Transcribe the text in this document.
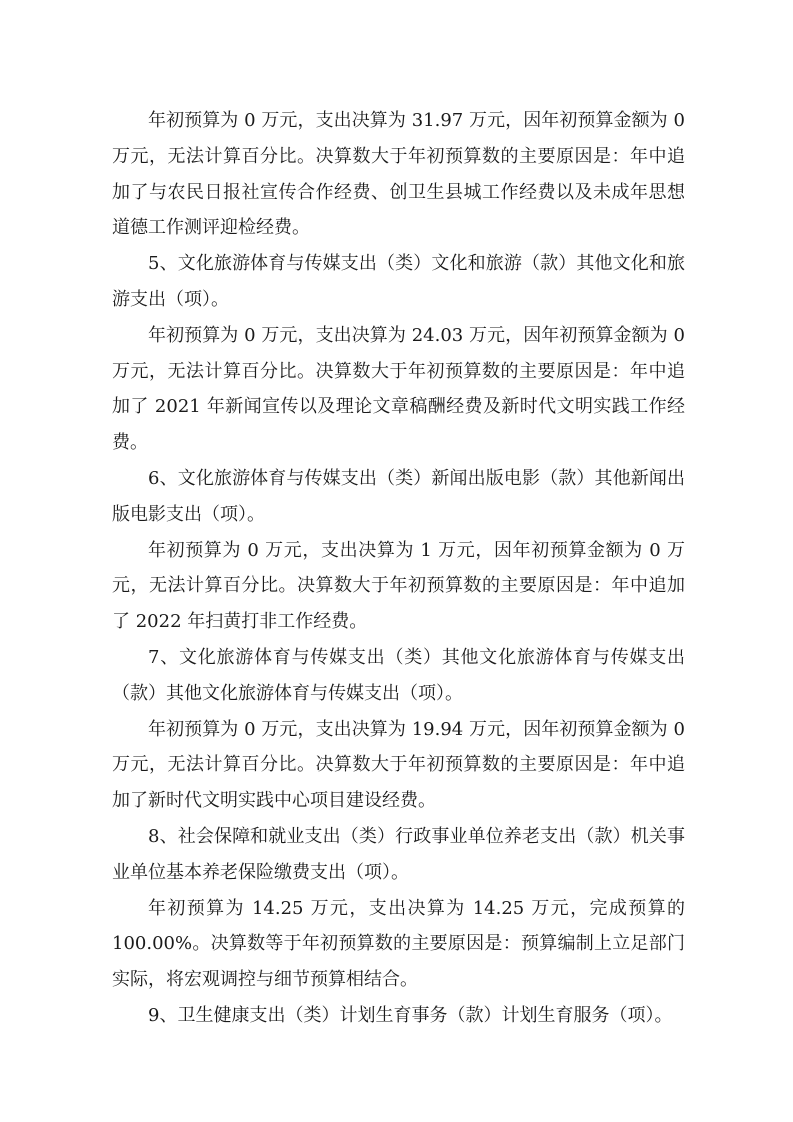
年初预算为 0 万元，支出决算为 31.97 万元，因年初预算金额为 0 万元，无法计算百分比。决算数大于年初预算数的主要原因是：年中追加了与农民日报社宣传合作经费、创卫生县城工作经费以及未成年思想道德工作测评迎检经费。

5、文化旅游体育与传媒支出（类）文化和旅游（款）其他文化和旅游支出（项）。

年初预算为 0 万元，支出决算为 24.03 万元，因年初预算金额为 0 万元，无法计算百分比。决算数大于年初预算数的主要原因是：年中追加了 2021 年新闻宣传以及理论文章稿酬经费及新时代文明实践工作经费。

6、文化旅游体育与传媒支出（类）新闻出版电影（款）其他新闻出版电影支出（项）。

年初预算为 0 万元，支出决算为 1 万元，因年初预算金额为 0 万元，无法计算百分比。决算数大于年初预算数的主要原因是：年中追加了 2022 年扫黄打非工作经费。

7、文化旅游体育与传媒支出（类）其他文化旅游体育与传媒支出（款）其他文化旅游体育与传媒支出（项）。

年初预算为 0 万元，支出决算为 19.94 万元，因年初预算金额为 0 万元，无法计算百分比。决算数大于年初预算数的主要原因是：年中追加了新时代文明实践中心项目建设经费。

8、社会保障和就业支出（类）行政事业单位养老支出（款）机关事业单位基本养老保险缴费支出（项）。

年初预算为 14.25 万元，支出决算为 14.25 万元，完成预算的 100.00%。决算数等于年初预算数的主要原因是：预算编制上立足部门实际，将宏观调控与细节预算相结合。

9、卫生健康支出（类）计划生育事务（款）计划生育服务（项）。
